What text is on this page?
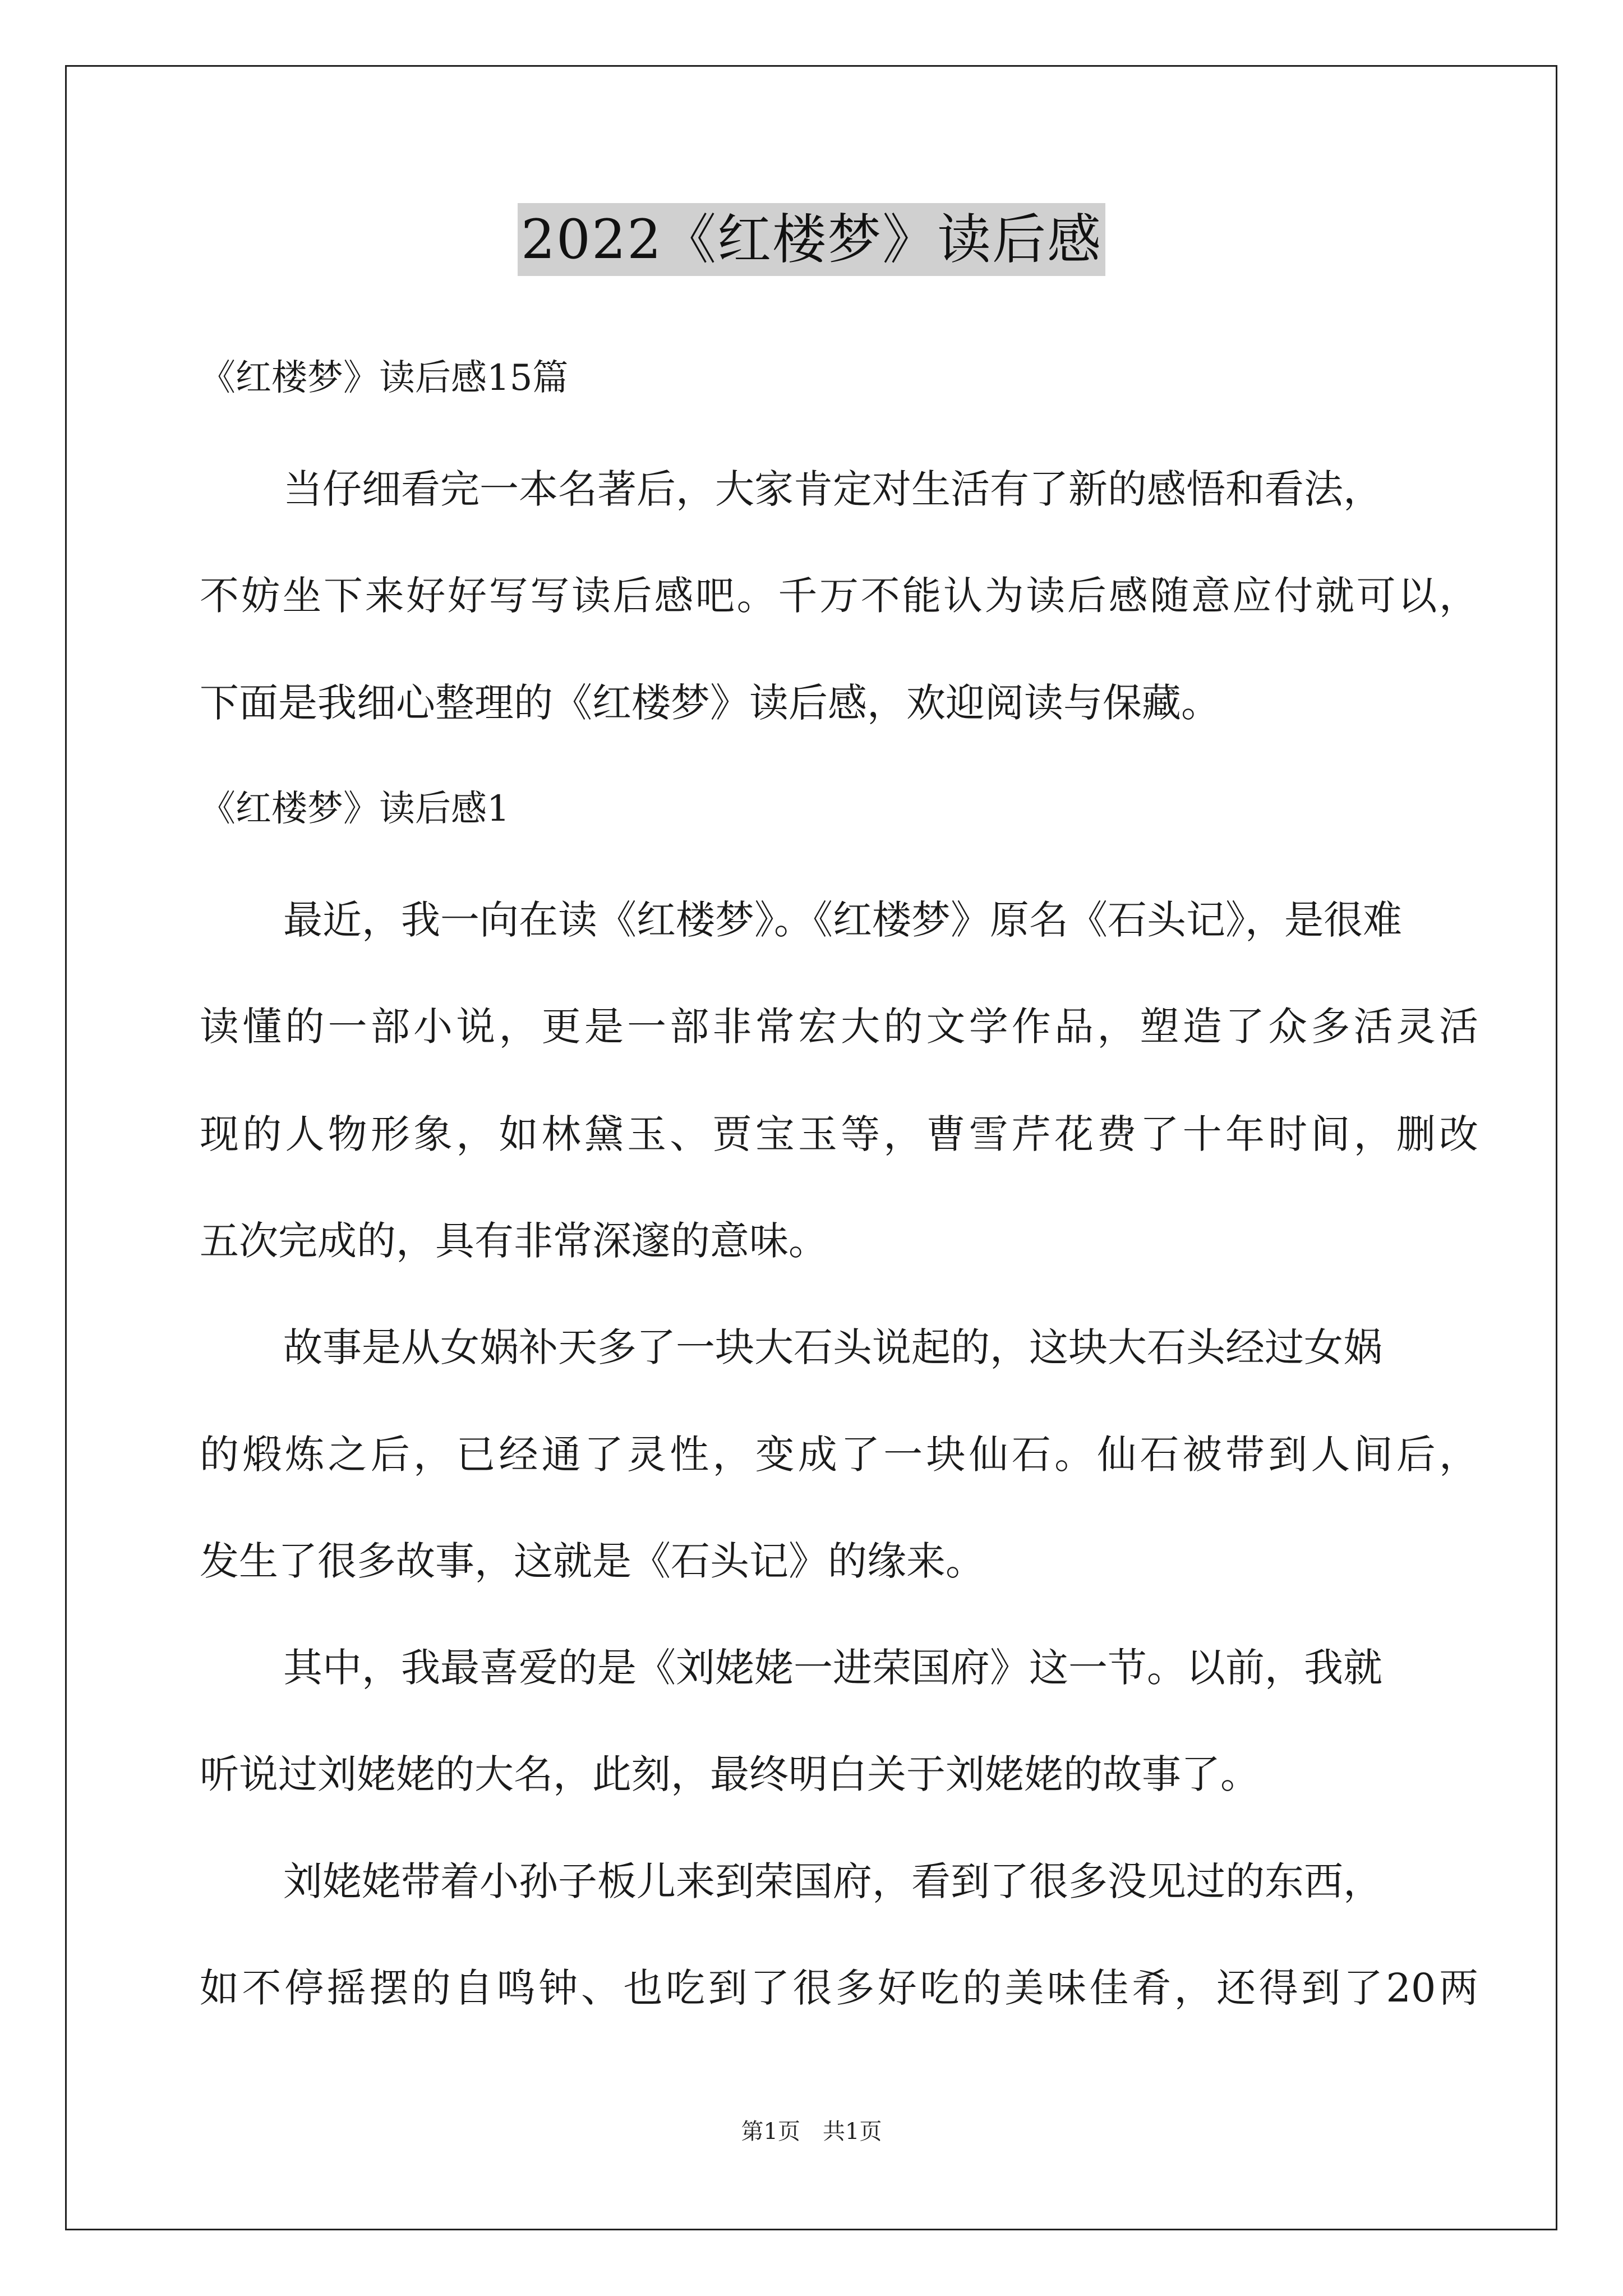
2022《红楼梦》读后感
《红楼梦》读后感15篇
当仔细看完一本名著后，大家肯定对生活有了新的感悟和看法，
不妨坐下来好好写写读后感吧。千万不能认为读后感随意应付就可以，
下面是我细心整理的《红楼梦》读后感，欢迎阅读与保藏。
《红楼梦》读后感1
最近，我一向在读《红楼梦》。《红楼梦》原名《石头记》，是很难
读懂的一部小说，更是一部非常宏大的文学作品，塑造了众多活灵活
现的人物形象，如林黛玉、贾宝玉等，曹雪芹花费了十年时间，删改
五次完成的，具有非常深邃的意味。
故事是从女娲补天多了一块大石头说起的，这块大石头经过女娲
的煅炼之后，已经通了灵性，变成了一块仙石。仙石被带到人间后，
发生了很多故事，这就是《石头记》的缘来。
其中，我最喜爱的是《刘姥姥一进荣国府》这一节。以前，我就
听说过刘姥姥的大名，此刻，最终明白关于刘姥姥的故事了。
刘姥姥带着小孙子板儿来到荣国府，看到了很多没见过的东西，
如不停摇摆的自鸣钟、也吃到了很多好吃的美味佳肴，还得到了20两
第1页 共1页
